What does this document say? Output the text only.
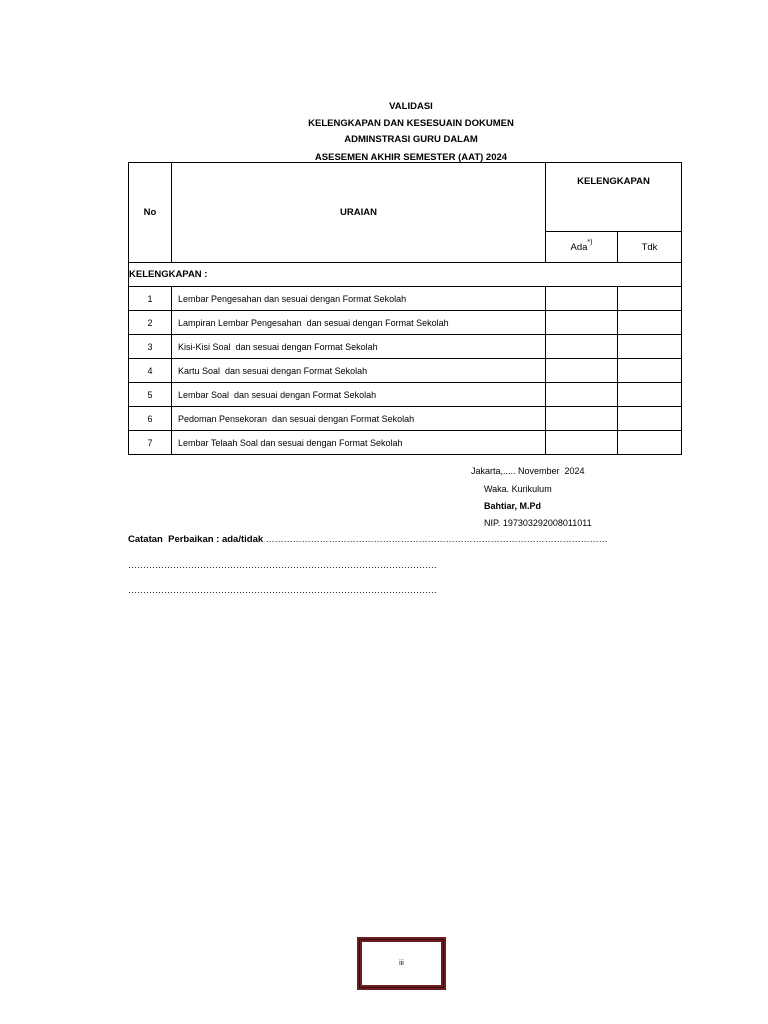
VALIDASI
KELENGKAPAN DAN KESESUAIN DOKUMEN
ADMINSTRASI GURU DALAM
ASESEMEN AKHIR SEMESTER (AAT) 2024
No	URAIAN	KELENGKAPAN	
		Ada*)	Tdk
KELENGKAPAN :			
1	Lembar Pengesahan dan sesuai dengan Format Sekolah		
2	Lampiran Lembar Pengesahan  dan sesuai dengan Format Sekolah		
3	Kisi-Kisi Soal  dan sesuai dengan Format Sekolah		
4	Kartu Soal  dan sesuai dengan Format Sekolah		
5	Lembar Soal  dan sesuai dengan Format Sekolah		
6	Pedoman Pensekoran  dan sesuai dengan Format Sekolah		
7	Lembar Telaah Soal dan sesuai dengan Format Sekolah		
Jakarta,..... November  2024
Waka. Kurikulum
Bahtiar, M.Pd
NIP. 197303292008011011
Catatan  Perbaikan : ada/tidak ……………………………………………………………………………………………………
………………………………………………………………………………………….
………………………………………………………………………………………….
iii
